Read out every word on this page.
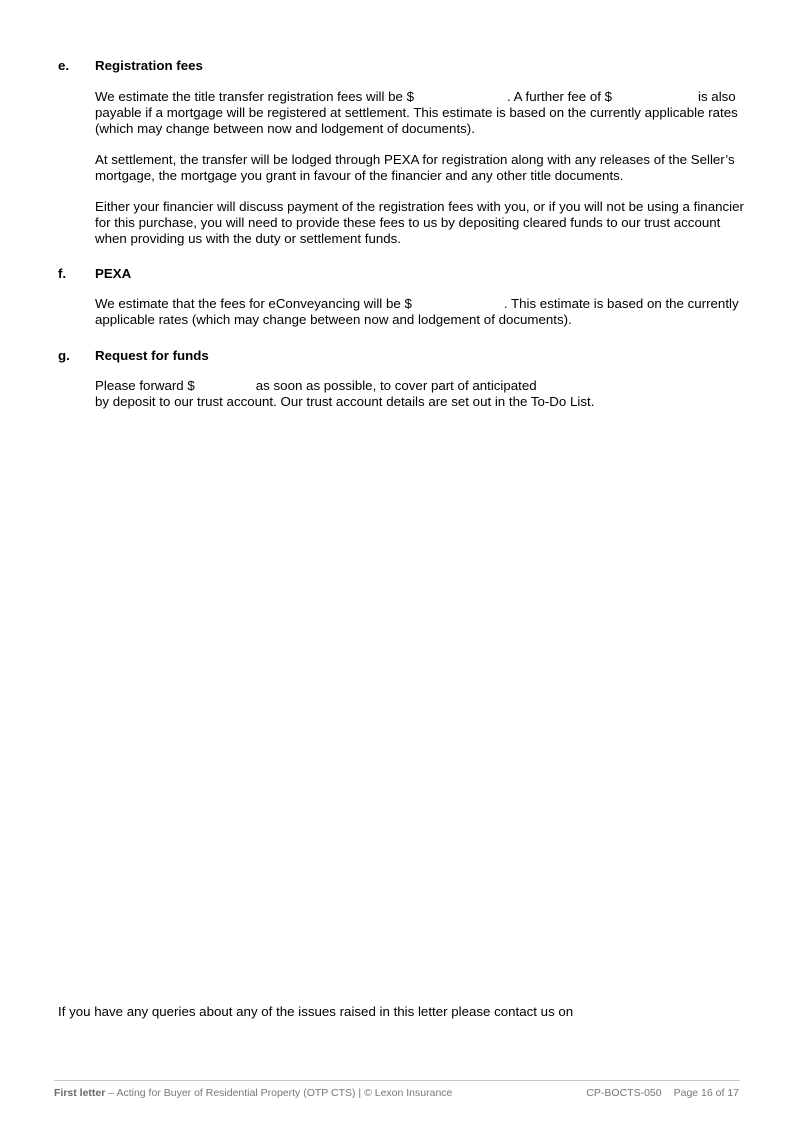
e. Registration fees
We estimate the title transfer registration fees will be $	. A further fee of $	is also payable if a mortgage will be registered at settlement. This estimate is based on the currently applicable rates (which may change between now and lodgement of documents).
At settlement, the transfer will be lodged through PEXA for registration along with any releases of the Seller’s mortgage, the mortgage you grant in favour of the financier and any other title documents.
Either your financier will discuss payment of the registration fees with you, or if you will not be using a financier for this purchase, you will need to provide these fees to us by depositing cleared funds to our trust account when providing us with the duty or settlement funds.
f. PEXA
We estimate that the fees for eConveyancing will be $	. This estimate is based on the currently applicable rates (which may change between now and lodgement of documents).
g. Request for funds
Please forward $	as soon as possible, to cover part of anticipated
by deposit to our trust account. Our trust account details are set out in the To-Do List.
If you have any queries about any of the issues raised in this letter please contact us on
First letter – Acting for Buyer of Residential Property (OTP CTS) | © Lexon Insurance	CP-BOCTS-050 Page 16 of 17
